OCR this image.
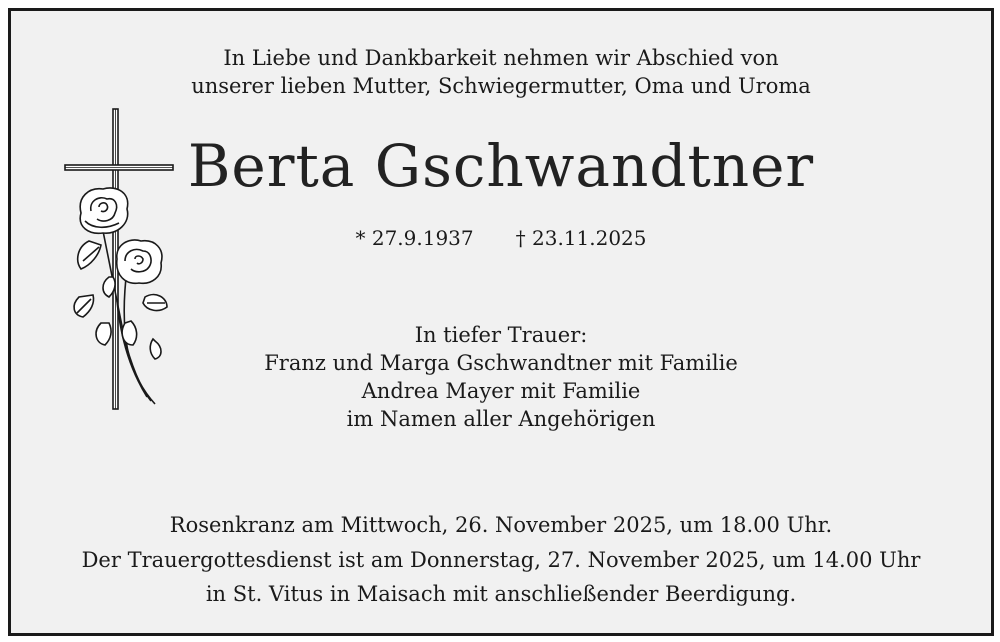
In Liebe und Dankbarkeit nehmen wir Abschied von
unserer lieben Mutter, Schwiegermutter, Oma und Uroma
Berta Gschwandtner
* 27.9.1937 † 23.11.2025
In tiefer Trauer:
Franz und Marga Gschwandtner mit Familie
Andrea Mayer mit Familie
im Namen aller Angehörigen
Rosenkranz am Mittwoch, 26. November 2025, um 18.00 Uhr.
Der Trauergottesdienst ist am Donnerstag, 27. November 2025, um 14.00 Uhr
in St. Vitus in Maisach mit anschließender Beerdigung.
